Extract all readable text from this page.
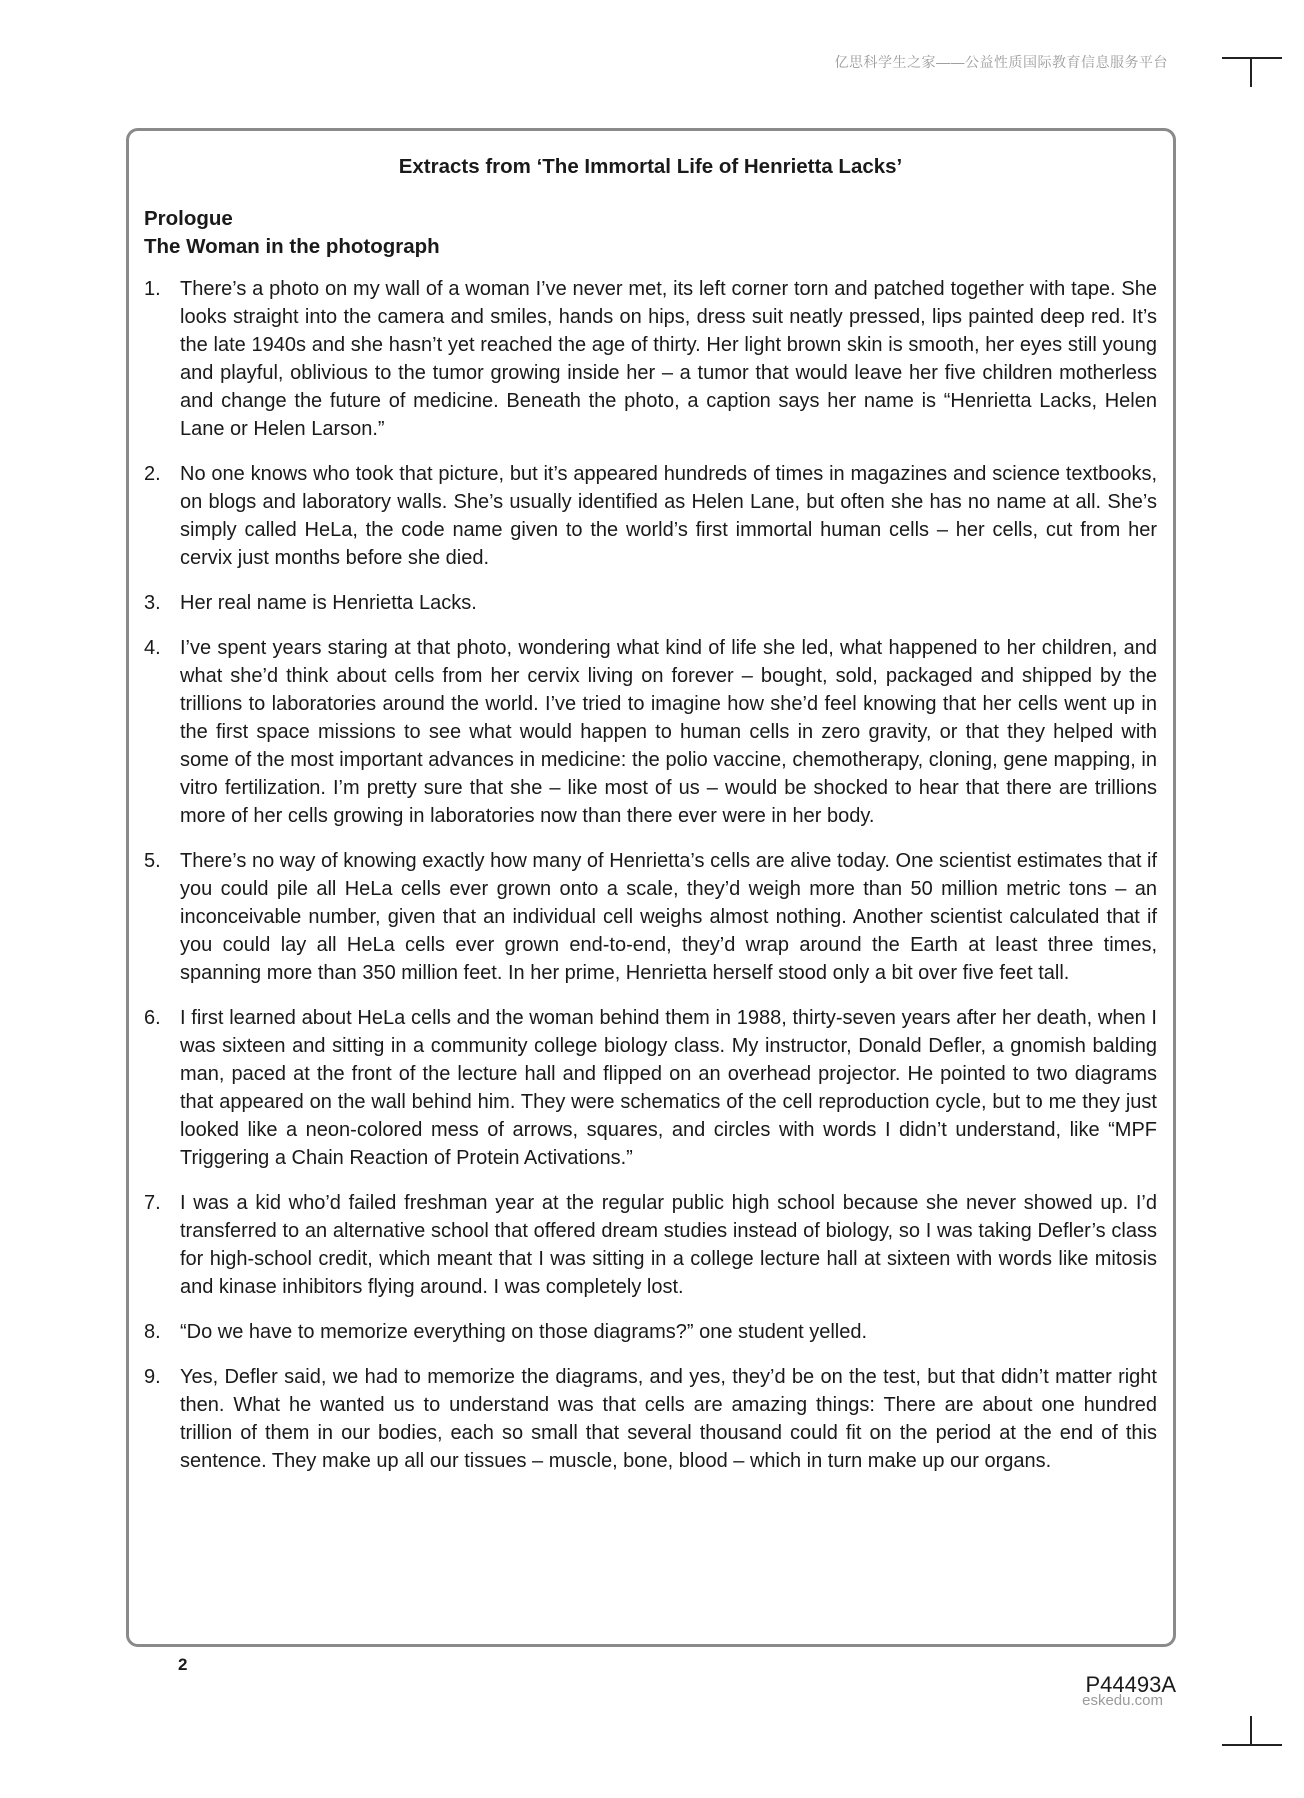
亿思科学生之家——公益性质国际教育信息服务平台
Extracts from ‘The Immortal Life of Henrietta Lacks’
Prologue
The Woman in the photograph
1. There’s a photo on my wall of a woman I’ve never met, its left corner torn and patched together with tape. She looks straight into the camera and smiles, hands on hips, dress suit neatly pressed, lips painted deep red. It’s the late 1940s and she hasn’t yet reached the age of thirty. Her light brown skin is smooth, her eyes still young and playful, oblivious to the tumor growing inside her – a tumor that would leave her five children motherless and change the future of medicine. Beneath the photo, a caption says her name is “Henrietta Lacks, Helen Lane or Helen Larson.”
2. No one knows who took that picture, but it’s appeared hundreds of times in magazines and science textbooks, on blogs and laboratory walls. She’s usually identified as Helen Lane, but often she has no name at all. She’s simply called HeLa, the code name given to the world’s first immortal human cells – her cells, cut from her cervix just months before she died.
3. Her real name is Henrietta Lacks.
4. I’ve spent years staring at that photo, wondering what kind of life she led, what happened to her children, and what she’d think about cells from her cervix living on forever – bought, sold, packaged and shipped by the trillions to laboratories around the world. I’ve tried to imagine how she’d feel knowing that her cells went up in the first space missions to see what would happen to human cells in zero gravity, or that they helped with some of the most important advances in medicine: the polio vaccine, chemotherapy, cloning, gene mapping, in vitro fertilization. I’m pretty sure that she – like most of us – would be shocked to hear that there are trillions more of her cells growing in laboratories now than there ever were in her body.
5. There’s no way of knowing exactly how many of Henrietta’s cells are alive today. One scientist estimates that if you could pile all HeLa cells ever grown onto a scale, they’d weigh more than 50 million metric tons – an inconceivable number, given that an individual cell weighs almost nothing. Another scientist calculated that if you could lay all HeLa cells ever grown end-to-end, they’d wrap around the Earth at least three times, spanning more than 350 million feet. In her prime, Henrietta herself stood only a bit over five feet tall.
6. I first learned about HeLa cells and the woman behind them in 1988, thirty-seven years after her death, when I was sixteen and sitting in a community college biology class. My instructor, Donald Defler, a gnomish balding man, paced at the front of the lecture hall and flipped on an overhead projector. He pointed to two diagrams that appeared on the wall behind him. They were schematics of the cell reproduction cycle, but to me they just looked like a neon-colored mess of arrows, squares, and circles with words I didn’t understand, like “MPF Triggering a Chain Reaction of Protein Activations.”
7. I was a kid who’d failed freshman year at the regular public high school because she never showed up. I’d transferred to an alternative school that offered dream studies instead of biology, so I was taking Defler’s class for high-school credit, which meant that I was sitting in a college lecture hall at sixteen with words like mitosis and kinase inhibitors flying around. I was completely lost.
8. “Do we have to memorize everything on those diagrams?” one student yelled.
9. Yes, Defler said, we had to memorize the diagrams, and yes, they’d be on the test, but that didn’t matter right then. What he wanted us to understand was that cells are amazing things: There are about one hundred trillion of them in our bodies, each so small that several thousand could fit on the period at the end of this sentence. They make up all our tissues – muscle, bone, blood – which in turn make up our organs.
2
P44493A
eskedu.com
